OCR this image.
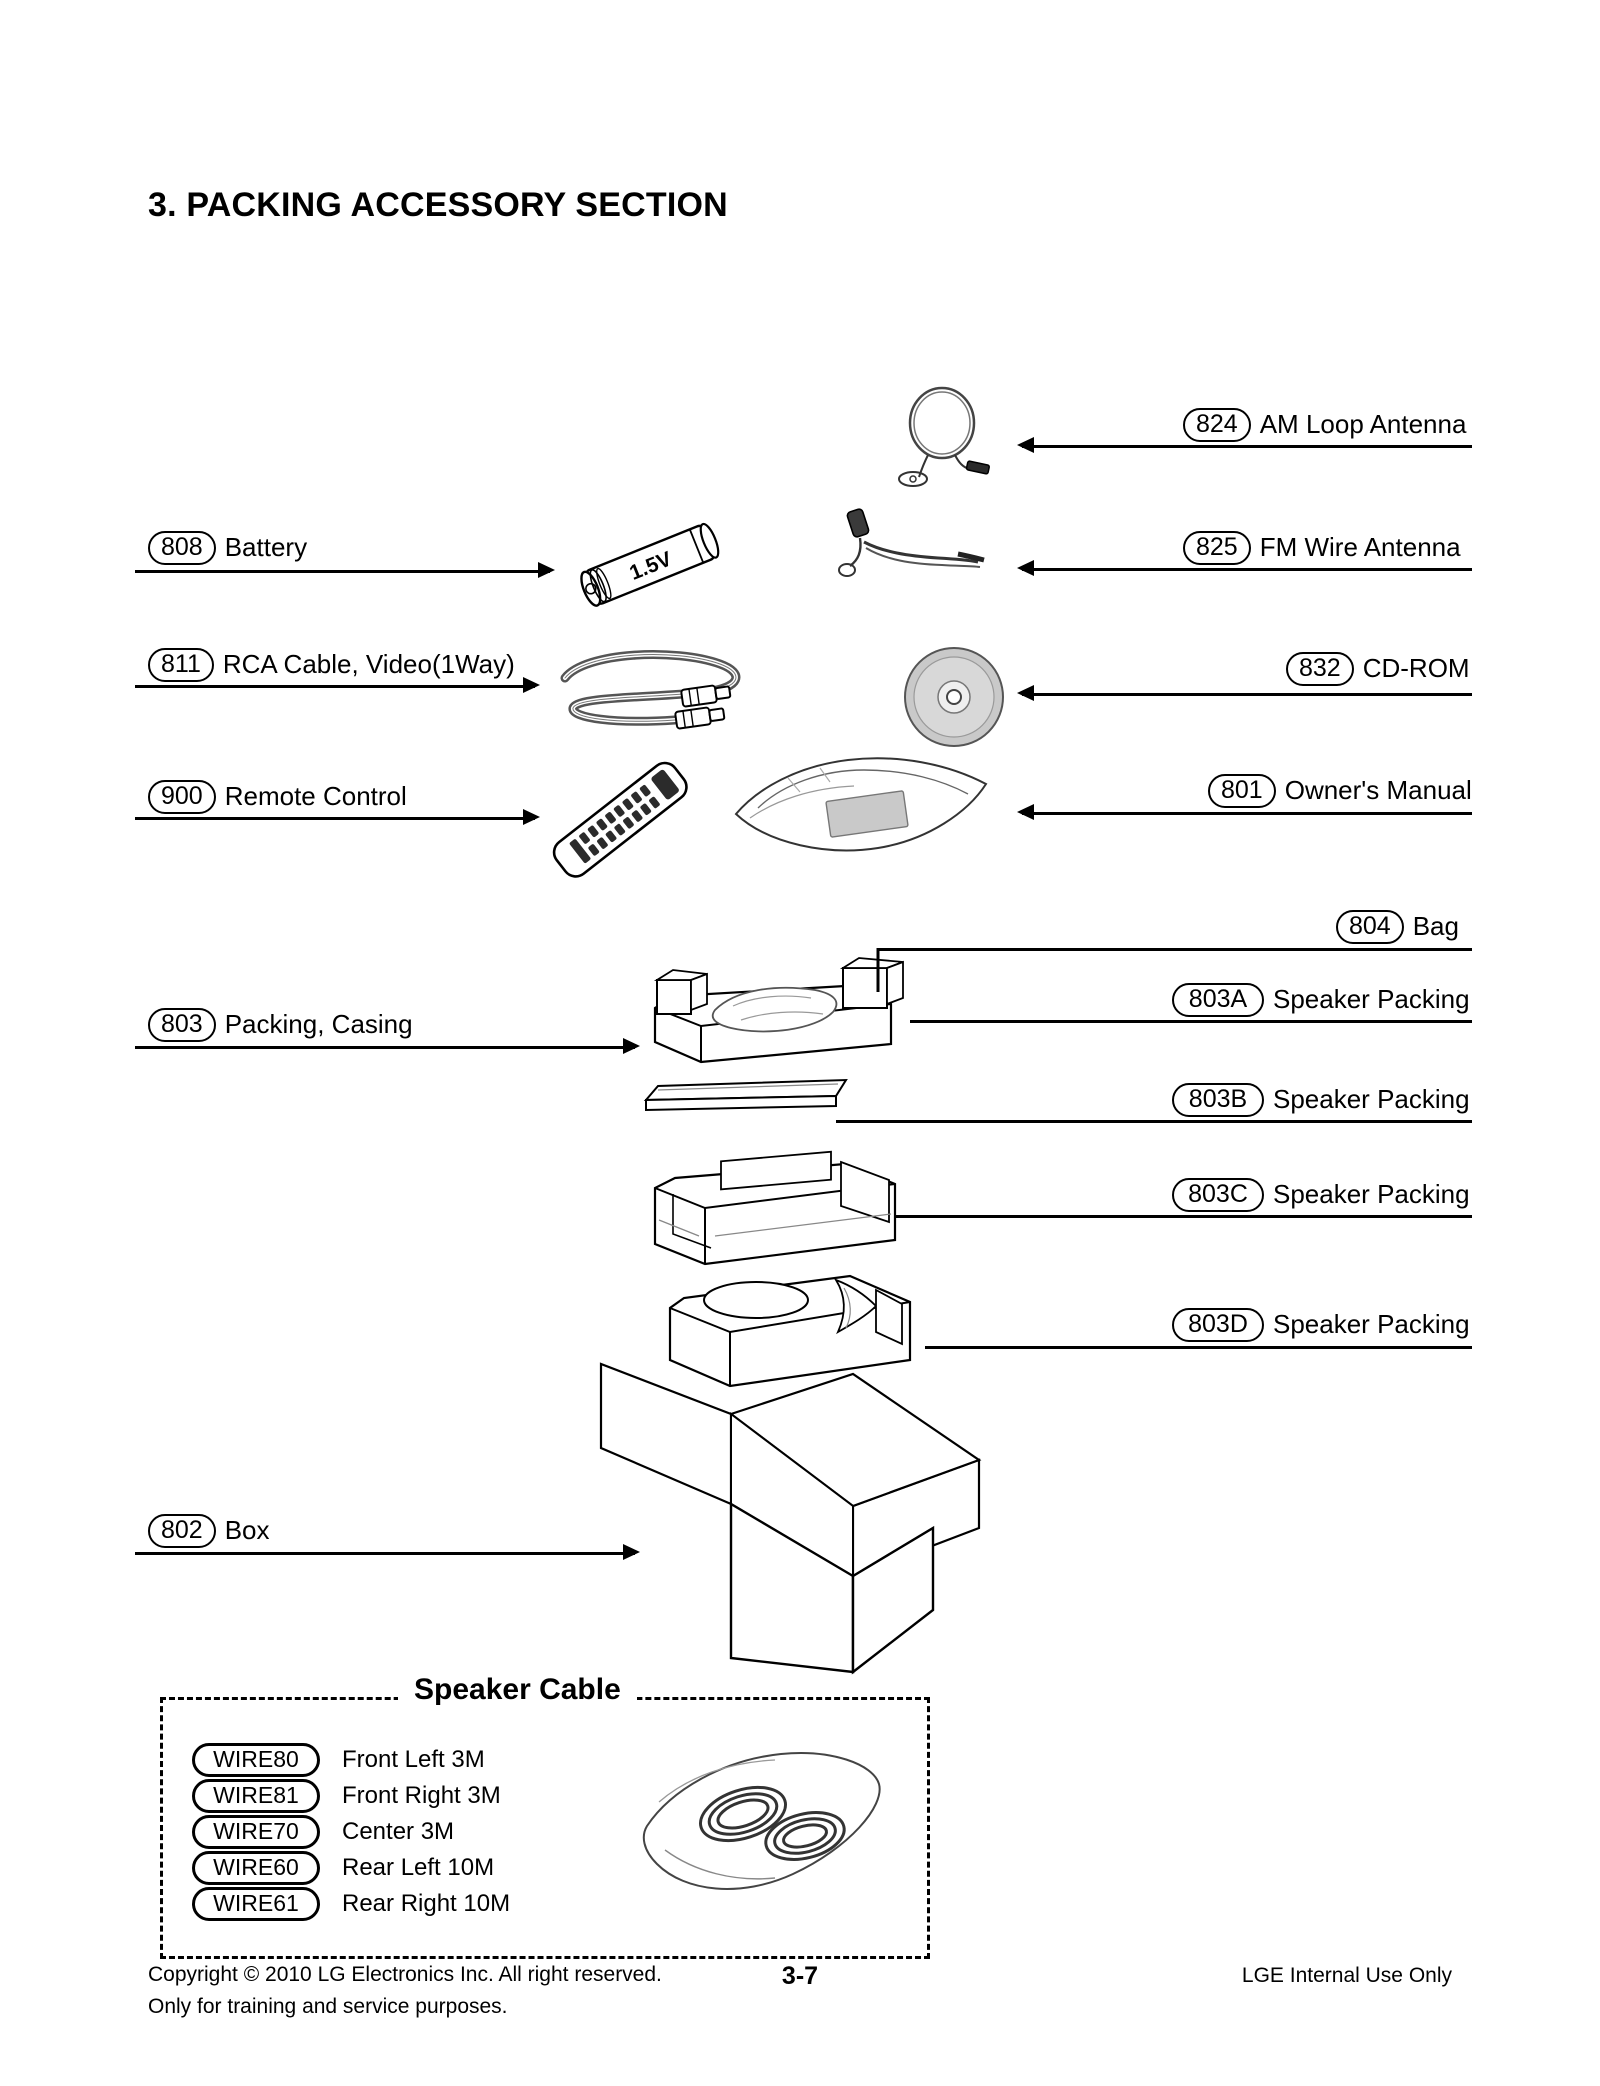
3. PACKING ACCESSORY SECTION
1.5V
824 AM Loop Antenna
808 Battery	825 FM Wire Antenna
811 RCA Cable, Video(1Way)	832 CD-ROM
900 Remote Control	801 Owner's Manual
804 Bag
803A Speaker Packing
803 Packing, Casing
803B Speaker Packing
803C Speaker Packing
803D Speaker Packing
802 Box
Speaker Cable
WIRE80	Front Left 3M
WIRE81	Front Right 3M
WIRE70	Center 3M
WIRE60	Rear Left 10M
WIRE61	Rear Right 10M
Copyright © 2010 LG Electronics Inc. All right reserved.
Only for training and service purposes.
3-7	LGE Internal Use Only
